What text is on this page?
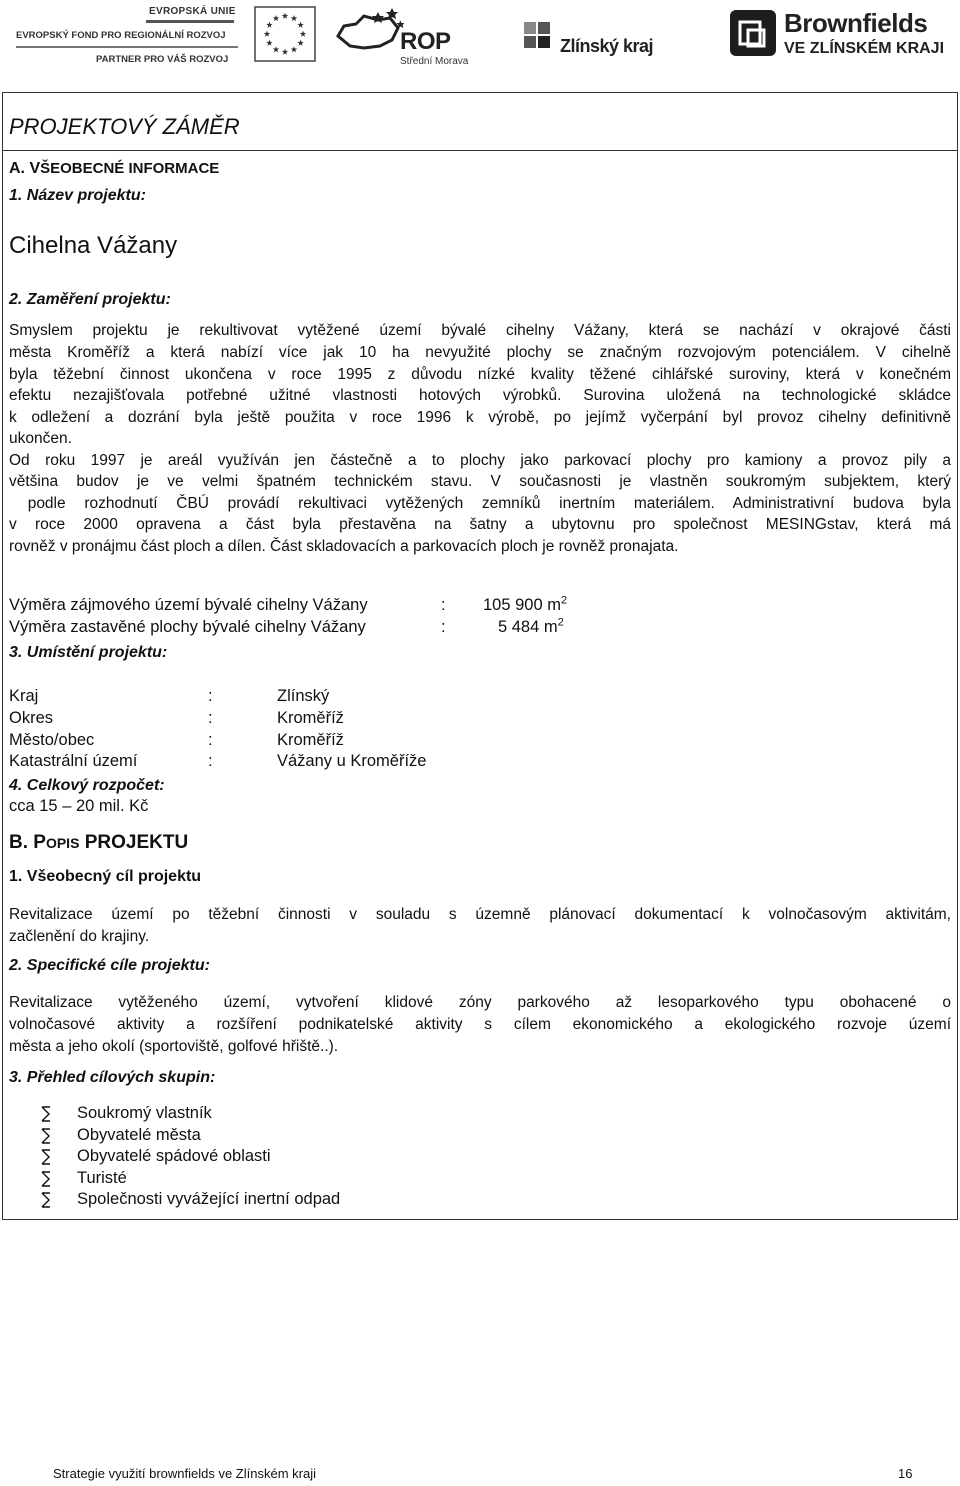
EVROPSKÁ UNIE
EVROPSKÝ FOND PRO REGIONÁLNÍ ROZVOJ
PARTNER PRO VÁŠ ROZVOJ
ROP
Střední Morava
Zlínský kraj
Brownfields
VE ZLÍNSKÉM KRAJI
PROJEKTOVÝ ZÁMĚR
A. VŠEOBECNÉ INFORMACE
1. Název projektu:
Cihelna Vážany
2. Zaměření projektu:
Smyslem projektu je rekultivovat vytěžené území bývalé cihelny Vážany, která se nachází v okrajové části
města Kroměříž a která nabízí více jak 10 ha nevyužité plochy se značným rozvojovým potenciálem. V cihelně
byla těžební činnost ukončena v roce 1995 z důvodu nízké kvality těžené cihlářské suroviny, která v konečném
efektu nezajišťovala potřebné užitné vlastnosti hotových výrobků. Surovina uložená na technologické skládce
k odležení a dozrání byla ještě použita v roce 1996 k výrobě, po jejímž vyčerpání byl provoz cihelny definitivně
ukončen.
Od roku 1997 je areál využíván jen částečně a to plochy jako parkovací plochy pro kamiony a provoz pily a
většina budov je ve velmi špatném technickém stavu. V současnosti je vlastněn soukromým subjektem, který
podle rozhodnutí ČBÚ provádí rekultivaci vytěžených zemníků inertním materiálem. Administrativní budova byla
v roce 2000 opravena a část byla přestavěna na šatny a ubytovnu pro společnost MESINGstav, která má
rovněž v pronájmu část ploch a dílen. Část skladovacích a parkovacích ploch je rovněž pronajata.
Výměra zájmového území bývalé cihelny Vážany	: 105 900 $m^2$
Výměra zastavěné plochy bývalé cihelny Vážany	:	5 484 $m^2$
3. Umístění projektu:
Kraj	:	Zlínský
Okres	:	Kroměříž
Město/obec	:	Kroměříž
Katastrální území	:	Vážany u Kroměříže
4. Celkový rozpočet:
cca 15 – 20 mil. Kč
B. POPIS PROJEKTU
1. Všeobecný cíl projektu
Revitalizace území po těžební činnosti v souladu s územně plánovací dokumentací k volnočasovým aktivitám,
začlenění do krajiny.
2. Specifické cíle projektu:
Revitalizace vytěženého území, vytvoření klidové zóny parkového až lesoparkového typu obohacené o
volnočasové aktivity a rozšíření podnikatelské aktivity s cílem ekonomického a ekologického rozvoje území
města a jeho okolí (sportoviště, golfové hřiště..).
3. Přehled cílových skupin:
Soukromý vlastník
Obyvatelé města
Obyvatelé spádové oblasti
Turisté
Společnosti vyvážející inertní odpad
Strategie využití brownfields ve Zlínském kraji	16
